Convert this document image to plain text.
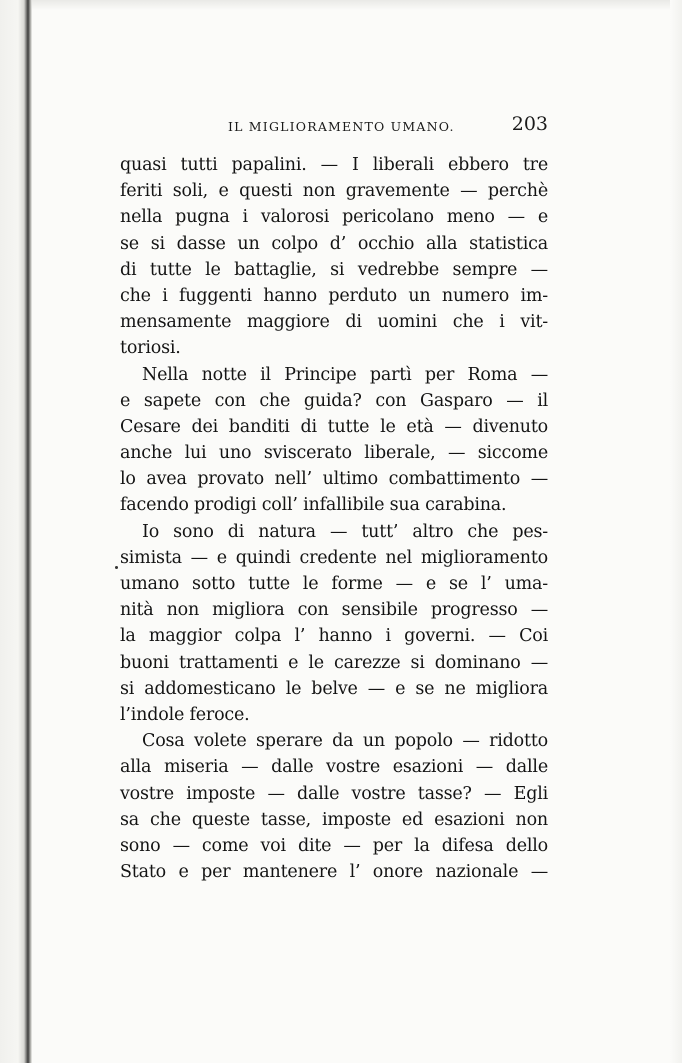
IL MIGLIORAMENTO UMANO.	203
quasi tutti papalini. — I liberali ebbero tre
feriti soli, e questi non gravemente — perchè
nella pugna i valorosi pericolano meno — e
se si dasse un colpo d’ occhio alla statistica
di tutte le battaglie, si vedrebbe sempre —
che i fuggenti hanno perduto un numero im-
mensamente maggiore di uomini che i vit-
toriosi.
Nella notte il Principe partì per Roma —
e sapete con che guida? con Gasparo — il
Cesare dei banditi di tutte le età — divenuto
anche lui uno sviscerato liberale, — siccome
lo avea provato nell’ ultimo combattimento —
facendo prodigi coll’ infallibile sua carabina.
Io sono di natura — tutt’ altro che pes-
simista — e quindi credente nel miglioramento
umano sotto tutte le forme — e se l’ uma-
nità non migliora con sensibile progresso —
la maggior colpa l’ hanno i governi. — Coi
buoni trattamenti e le carezze si dominano —
si addomesticano le belve — e se ne migliora
l’indole feroce.
Cosa volete sperare da un popolo — ridotto
alla miseria — dalle vostre esazioni — dalle
vostre imposte — dalle vostre tasse? — Egli
sa che queste tasse, imposte ed esazioni non
sono — come voi dite — per la difesa dello
Stato e per mantenere l’ onore nazionale —
